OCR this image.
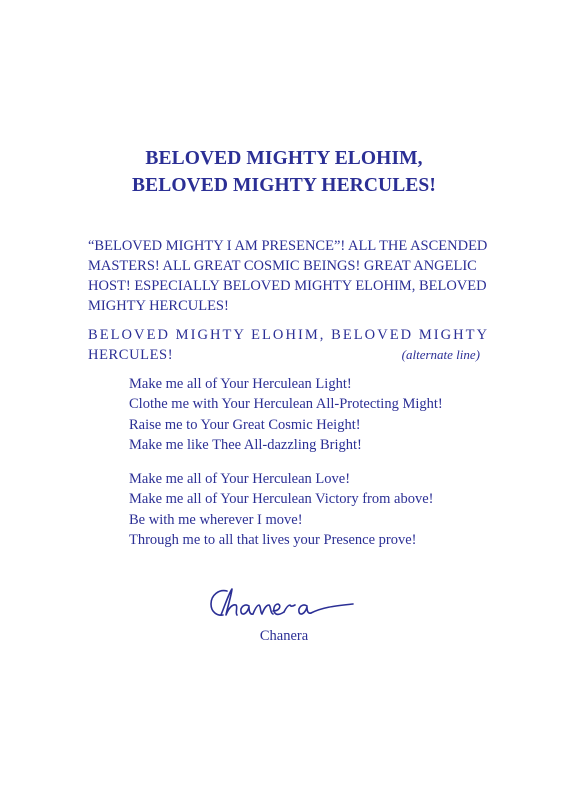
BELOVED MIGHTY ELOHIM,
BELOVED MIGHTY HERCULES!
“BELOVED MIGHTY I AM PRESENCE”! ALL THE ASCENDED
MASTERS! ALL GREAT COSMIC BEINGS! GREAT ANGELIC
HOST! ESPECIALLY BELOVED MIGHTY ELOHIM, BELOVED
MIGHTY HERCULES!
BELOVED MIGHTY ELOHIM, BELOVED MIGHTY
HERCULES!	(alternate line)
Make me all of Your Herculean Light!
Clothe me with Your Herculean All-Protecting Might!
Raise me to Your Great Cosmic Height!
Make me like Thee All-dazzling Bright!
Make me all of Your Herculean Love!
Make me all of Your Herculean Victory from above!
Be with me wherever I move!
Through me to all that lives your Presence prove!
Chanera
